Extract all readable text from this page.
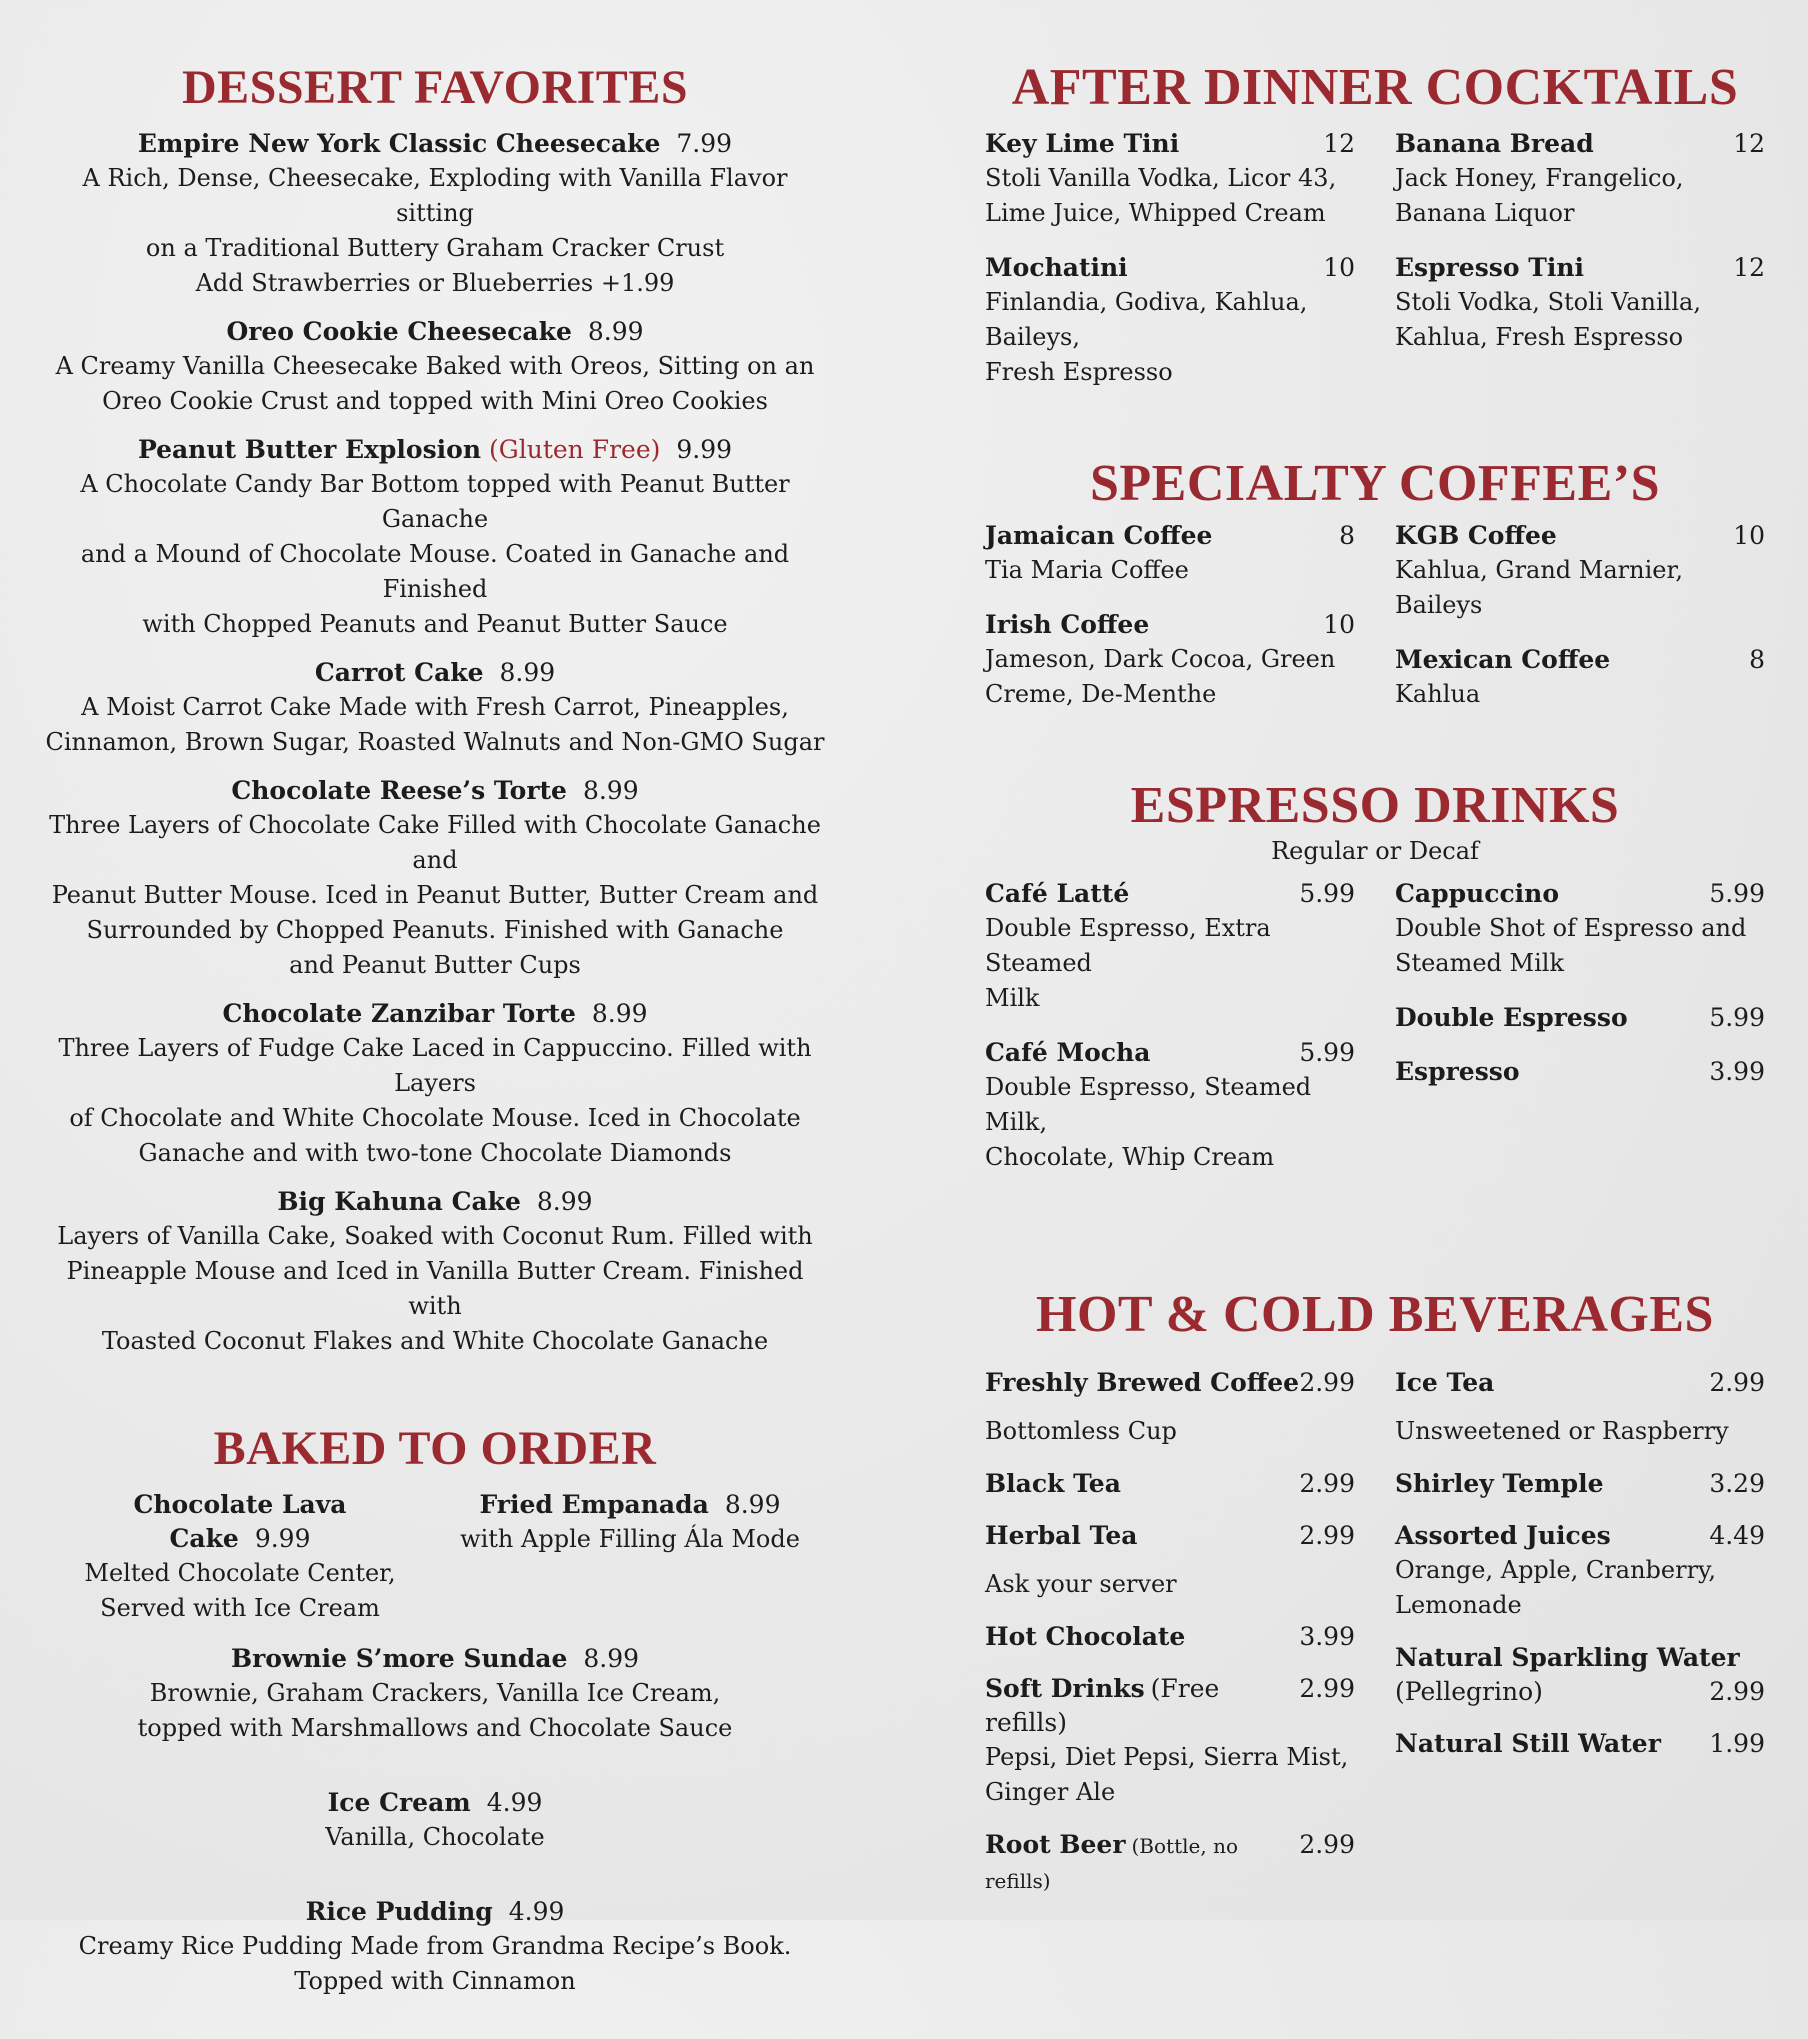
DESSERT FAVORITES
Empire New York Classic Cheesecake 7.99
A Rich, Dense, Cheesecake, Exploding with Vanilla Flavor sitting
on a Traditional Buttery Graham Cracker Crust
Add Strawberries or Blueberries +1.99
Oreo Cookie Cheesecake 8.99
A Creamy Vanilla Cheesecake Baked with Oreos, Sitting on an
Oreo Cookie Crust and topped with Mini Oreo Cookies
Peanut Butter Explosion (Gluten Free) 9.99
A Chocolate Candy Bar Bottom topped with Peanut Butter Ganache
and a Mound of Chocolate Mouse. Coated in Ganache and Finished
with Chopped Peanuts and Peanut Butter Sauce
Carrot Cake 8.99
A Moist Carrot Cake Made with Fresh Carrot, Pineapples,
Cinnamon, Brown Sugar, Roasted Walnuts and Non-GMO Sugar
Chocolate Reese’s Torte 8.99
Three Layers of Chocolate Cake Filled with Chocolate Ganache and
Peanut Butter Mouse. Iced in Peanut Butter, Butter Cream and
Surrounded by Chopped Peanuts. Finished with Ganache
and Peanut Butter Cups
Chocolate Zanzibar Torte 8.99
Three Layers of Fudge Cake Laced in Cappuccino. Filled with Layers
of Chocolate and White Chocolate Mouse. Iced in Chocolate
Ganache and with two-tone Chocolate Diamonds
Big Kahuna Cake 8.99
Layers of Vanilla Cake, Soaked with Coconut Rum. Filled with
Pineapple Mouse and Iced in Vanilla Butter Cream. Finished with
Toasted Coconut Flakes and White Chocolate Ganache
BAKED TO ORDER
Chocolate Lava Cake 9.99
Melted Chocolate Center,
Served with Ice Cream
Fried Empanada 8.99
with Apple Filling Ála Mode
Brownie S’more Sundae 8.99
Brownie, Graham Crackers, Vanilla Ice Cream,
topped with Marshmallows and Chocolate Sauce
Ice Cream 4.99
Vanilla, Chocolate
Rice Pudding 4.99
Creamy Rice Pudding Made from Grandma Recipe’s Book.
Topped with Cinnamon
AFTER DINNER COCKTAILS
Key Lime Tini	12
Stoli Vanilla Vodka, Licor 43,
Lime Juice, Whipped Cream
Mochatini	10
Finlandia, Godiva, Kahlua, Baileys,
Fresh Espresso
Banana Bread	12
Jack Honey, Frangelico,
Banana Liquor
Espresso Tini	12
Stoli Vodka, Stoli Vanilla,
Kahlua, Fresh Espresso
SPECIALTY COFFEE’S
Jamaican Coffee	8
Tia Maria Coffee
Irish Coffee	10
Jameson, Dark Cocoa, Green
Creme, De-Menthe
KGB Coffee	10
Kahlua, Grand Marnier,
Baileys
Mexican Coffee	8
Kahlua
ESPRESSO DRINKS
Regular or Decaf
Café Latté	5.99
Double Espresso, Extra Steamed
Milk
Café Mocha	5.99
Double Espresso, Steamed Milk,
Chocolate, Whip Cream
Cappuccino	5.99
Double Shot of Espresso and
Steamed Milk
Double Espresso	5.99
Espresso	3.99
HOT & COLD BEVERAGES
Freshly Brewed Coffee 2.99
Bottomless Cup
Black Tea	2.99
Herbal Tea	2.99
Ask your server
Hot Chocolate	3.99
Soft Drinks (Free refills)
2.99
Pepsi, Diet Pepsi, Sierra Mist,
Ginger Ale
Root Beer (Bottle, no refills)
2.99
Ice Tea	2.99
Unsweetened or Raspberry
Shirley Temple	3.29
Assorted Juices	4.49
Orange, Apple, Cranberry,
Lemonade
Natural Sparkling Water
(Pellegrino)	2.99
Natural Still Water 1.99
